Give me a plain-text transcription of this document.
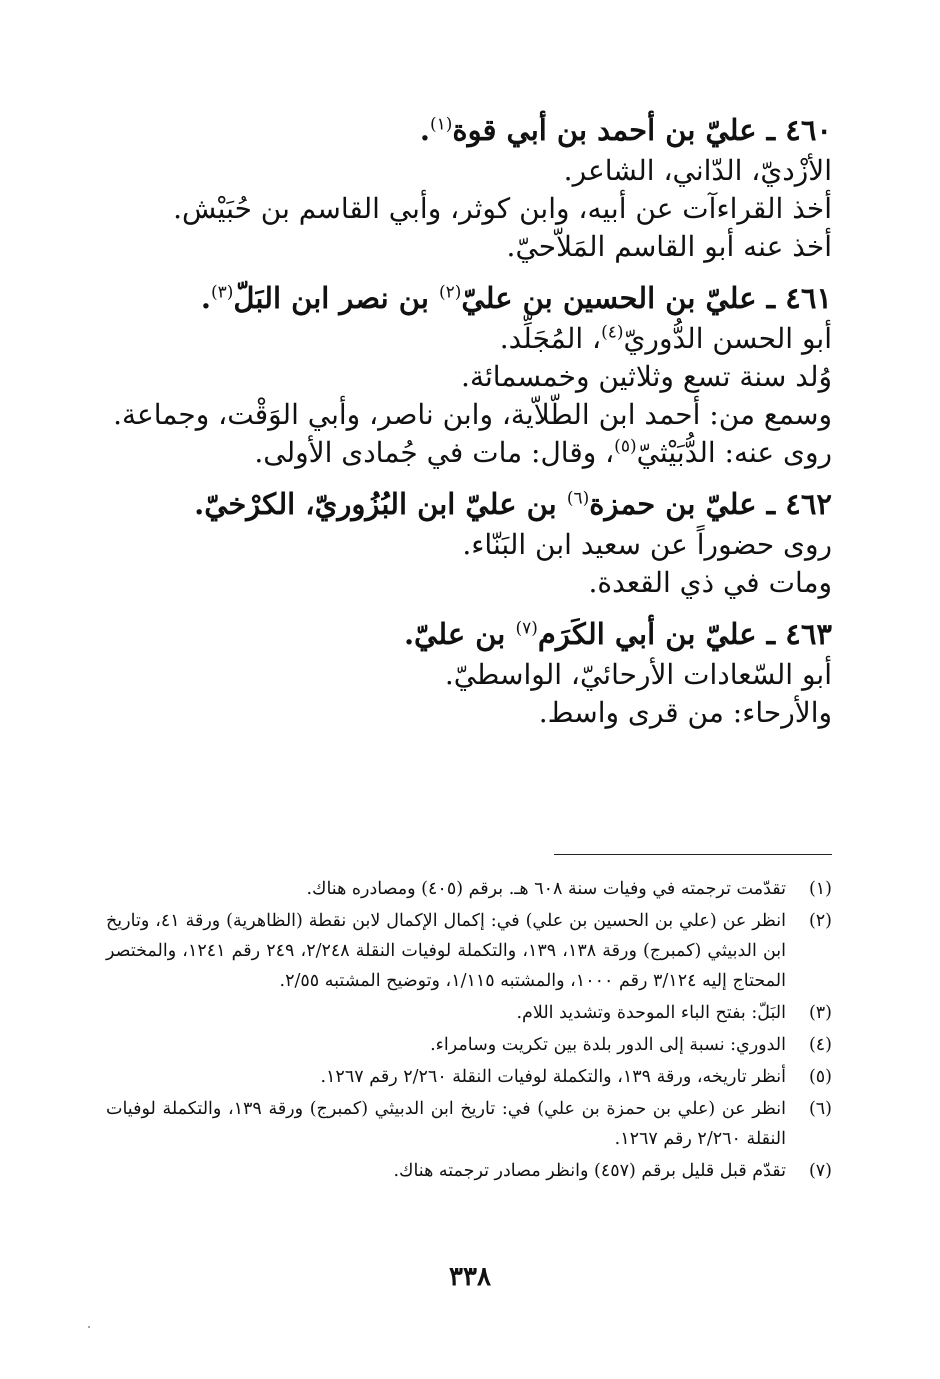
٤٦٠ ـ عليّ بن أحمد بن أبي قوة$^{(١)}$.
الأزْديّ، الدّاني، الشاعر.
أخذ القراءآت عن أبيه، وابن كوثر، وأبي القاسم بن حُبَيْش.
أخذ عنه أبو القاسم المَلاّحيّ.
٤٦١ ـ عليّ بن الحسين بن عليّ$^{(٢)}$ بن نصر ابن البَلّ$^{(٣)}$.
أبو الحسن الدُّوريّ$^{(٤)}$، المُجَلِّد.
وُلد سنة تسع وثلاثين وخمسمائة.
وسمع من: أحمد ابن الطّلاّية، وابن ناصر، وأبي الوَقْت، وجماعة.
روى عنه: الدُّبَيْثيّ$^{(٥)}$، وقال: مات في جُمادى الأولى.
٤٦٢ ـ عليّ بن حمزة$^{(٦)}$ بن عليّ ابن البُزُوريّ، الكرْخيّ.
روى حضوراً عن سعيد ابن البَنّاء.
ومات في ذي القعدة.
٤٦٣ ـ عليّ بن أبي الكَرَم$^{(٧)}$ بن عليّ.
أبو السّعادات الأرحائيّ، الواسطيّ.
والأرحاء: من قرى واسط.
(١)
تقدّمت ترجمته في وفيات سنة ٦٠٨ هـ. برقم (٤٠٥) ومصادره هناك.
(٢)
انظر عن (علي بن الحسين بن علي) في: إكمال الإكمال لابن نقطة (الظاهرية) ورقة ٤١، وتاريخ ابن الدبيثي (كمبرج) ورقة ١٣٨، ١٣٩، والتكملة لوفيات النقلة ٢/٢٤٨، ٢٤٩ رقم ١٢٤١، والمختصر المحتاج إليه ٣/١٢٤ رقم ١٠٠٠، والمشتبه ١/١١٥، وتوضيح المشتبه ٢/٥٥.
(٣)
البَلّ: بفتح الباء الموحدة وتشديد اللام.
(٤)
الدوري: نسبة إلى الدور بلدة بين تكريت وسامراء.
(٥)
أنظر تاريخه، ورقة ١٣٩، والتكملة لوفيات النقلة ٢/٢٦٠ رقم ١٢٦٧.
(٦)
انظر عن (علي بن حمزة بن علي) في: تاريخ ابن الدبيثي (كمبرج) ورقة ١٣٩، والتكملة لوفيات النقلة ٢/٢٦٠ رقم ١٢٦٧.
(٧)
تقدّم قبل قليل برقم (٤٥٧) وانظر مصادر ترجمته هناك.
٣٣٨
